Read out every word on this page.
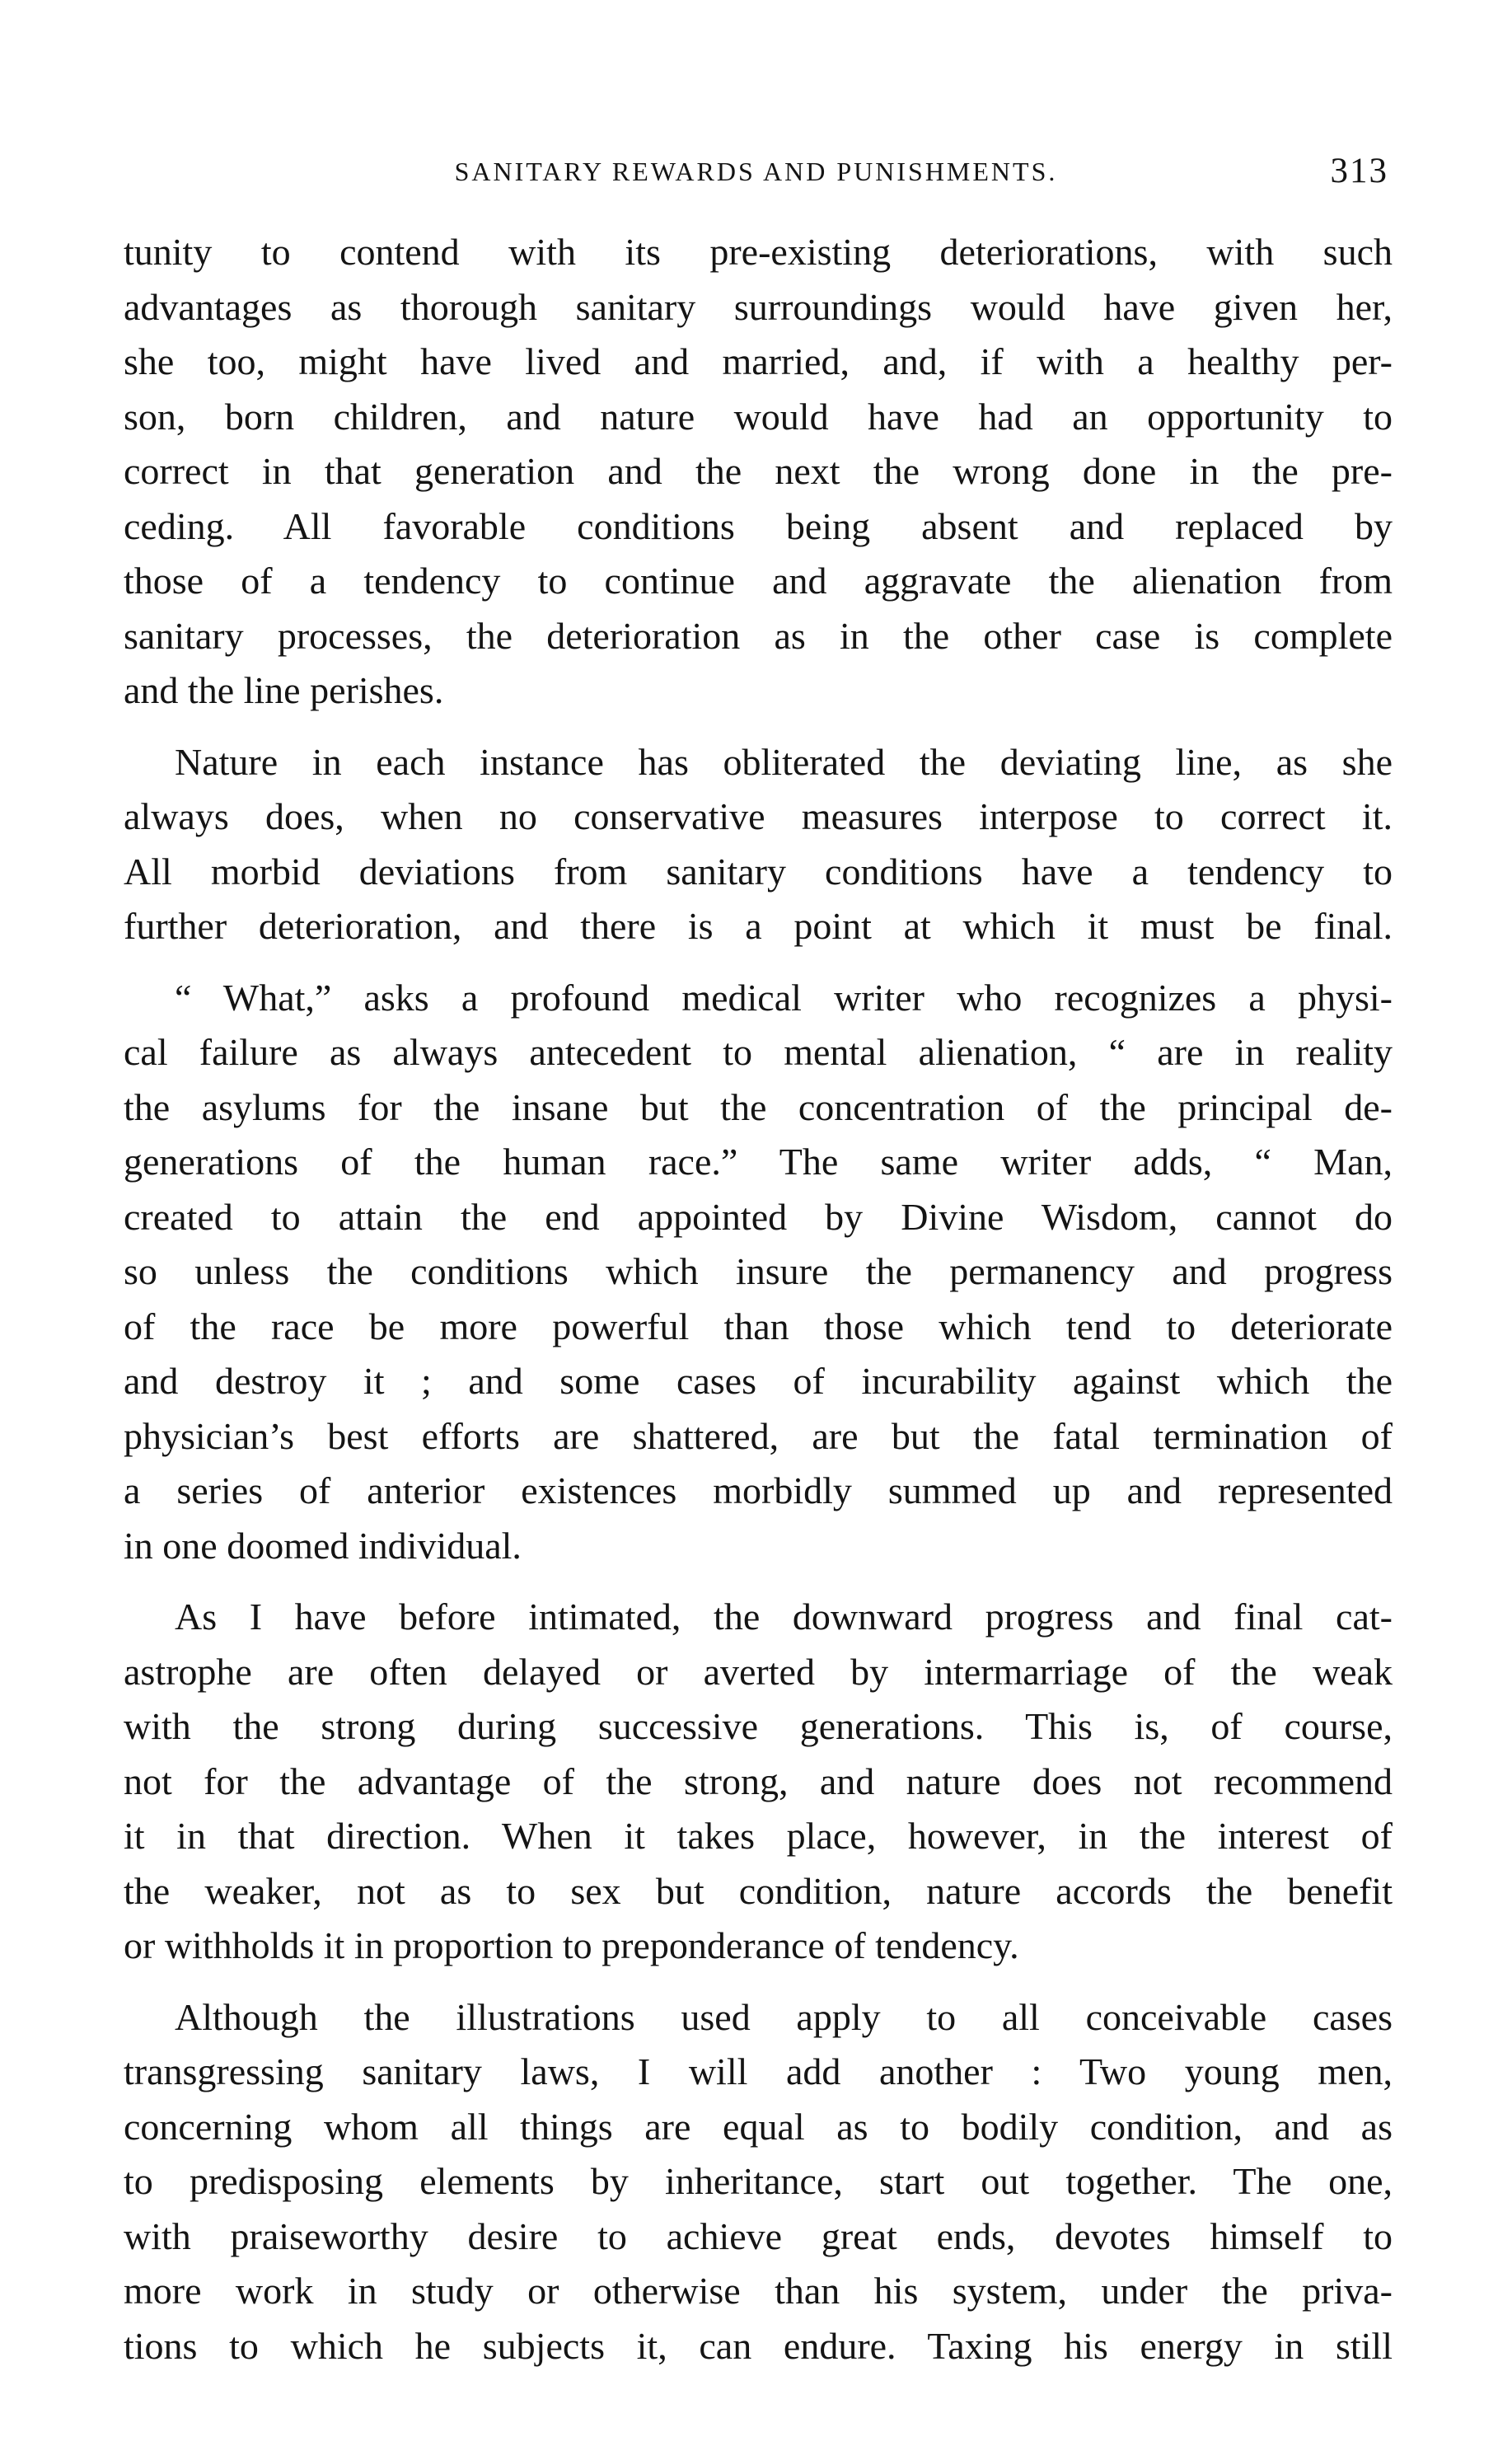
SANITARY REWARDS AND PUNISHMENTS.	313

tunity to contend with its pre-existing deteriorations, with such
advantages as thorough sanitary surroundings would have given her,
she too, might have lived and married, and, if with a healthy per-
son, born children, and nature would have had an opportunity to
correct in that generation and the next the wrong done in the pre-
ceding. All favorable conditions being absent and replaced by
those of a tendency to continue and aggravate the alienation from
sanitary processes, the deterioration as in the other case is complete
and the line perishes.

Nature in each instance has obliterated the deviating line, as she
always does, when no conservative measures interpose to correct it.
All morbid deviations from sanitary conditions have a tendency to
further deterioration, and there is a point at which it must be final.

“ What,” asks a profound medical writer who recognizes a physi-
cal failure as always antecedent to mental alienation, “ are in reality
the asylums for the insane but the concentration of the principal de-
generations of the human race.” The same writer adds, “ Man,
created to attain the end appointed by Divine Wisdom, cannot do
so unless the conditions which insure the permanency and progress
of the race be more powerful than those which tend to deteriorate
and destroy it ; and some cases of incurability against which the
physician’s best efforts are shattered, are but the fatal termination of
a series of anterior existences morbidly summed up and represented
in one doomed individual.

As I have before intimated, the downward progress and final cat-
astrophe are often delayed or averted by intermarriage of the weak
with the strong during successive generations. This is, of course,
not for the advantage of the strong, and nature does not recommend
it in that direction. When it takes place, however, in the interest of
the weaker, not as to sex but condition, nature accords the benefit
or withholds it in proportion to preponderance of tendency.

Although the illustrations used apply to all conceivable cases
transgressing sanitary laws, I will add another : Two young men,
concerning whom all things are equal as to bodily condition, and as
to predisposing elements by inheritance, start out together. The one,
with praiseworthy desire to achieve great ends, devotes himself to
more work in study or otherwise than his system, under the priva-
tions to which he subjects it, can endure. Taxing his energy in still
